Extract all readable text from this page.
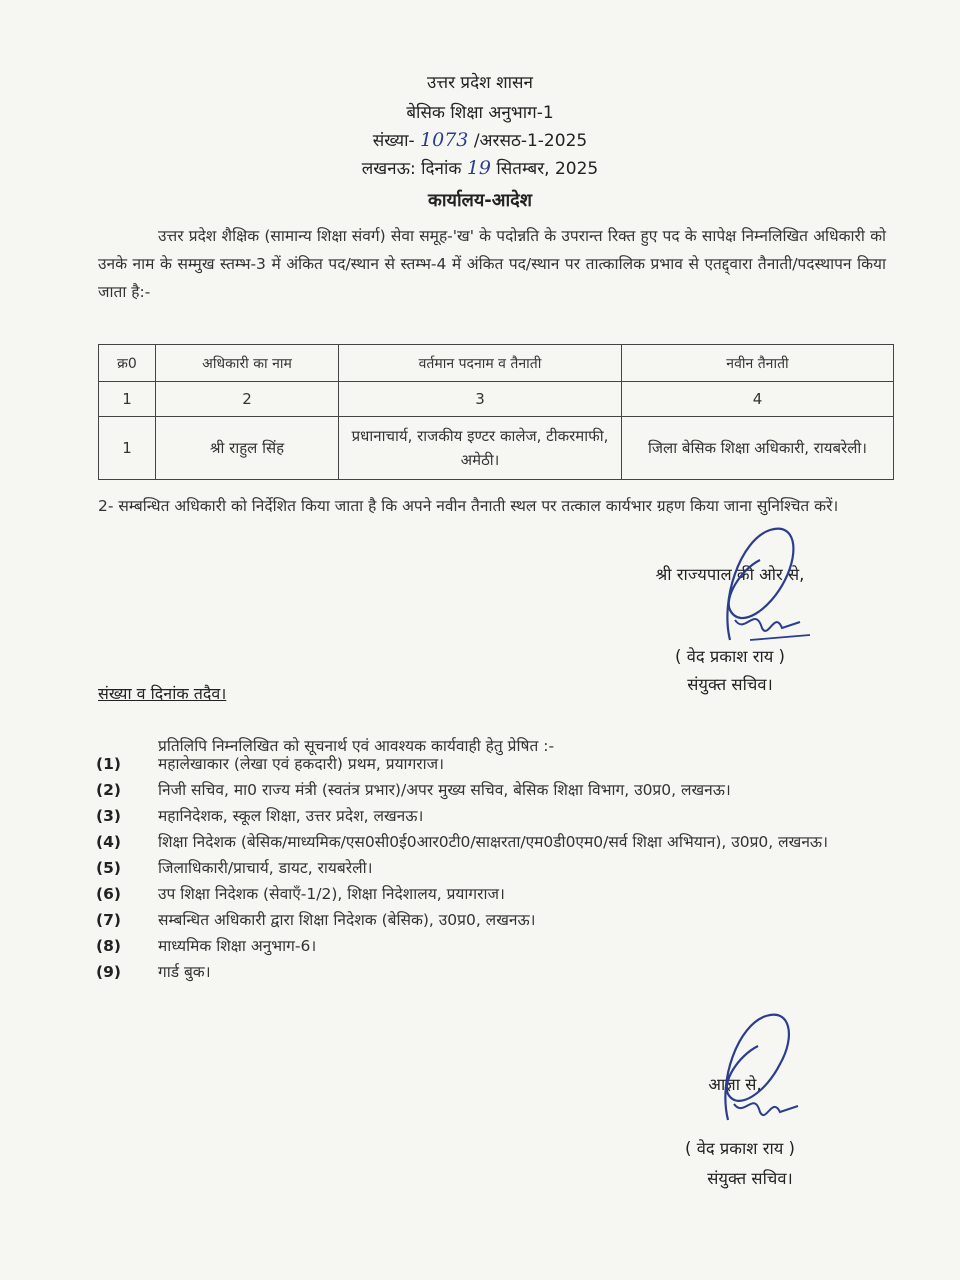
उत्तर प्रदेश शासन
बेसिक शिक्षा अनुभाग-1
संख्या- 1073 /अरसठ-1-2025
लखनऊ: दिनांक 19 सितम्बर, 2025
कार्यालय-आदेश
उत्तर प्रदेश शैक्षिक (सामान्य शिक्षा संवर्ग) सेवा समूह-'ख' के पदोन्नति के उपरान्त रिक्त हुए पद के सापेक्ष निम्नलिखित अधिकारी को उनके नाम के सम्मुख स्तम्भ-3 में अंकित पद/स्थान से स्तम्भ-4 में अंकित पद/स्थान पर तात्कालिक प्रभाव से एतद्द्वारा तैनाती/पदस्थापन किया जाता है:-
क्र0	अधिकारी का नाम	वर्तमान पदनाम व तैनाती	नवीन तैनाती
1	2	3	4
1	श्री राहुल सिंह	प्रधानाचार्य, राजकीय इण्टर कालेज, टीकरमाफी, अमेठी।	जिला बेसिक शिक्षा अधिकारी, रायबरेली।
2- सम्बन्धित अधिकारी को निर्देशित किया जाता है कि अपने नवीन तैनाती स्थल पर तत्काल कार्यभार ग्रहण किया जाना सुनिश्चित करें।
श्री राज्यपाल की ओर से,
( वेद प्रकाश राय )
संयुक्त सचिव।
संख्या व दिनांक तदैव।
प्रतिलिपि निम्नलिखित को सूचनार्थ एवं आवश्यक कार्यवाही हेतु प्रेषित :-
(1)	महालेखाकार (लेखा एवं हकदारी) प्रथम, प्रयागराज।
(2)	निजी सचिव, मा0 राज्य मंत्री (स्वतंत्र प्रभार)/अपर मुख्य सचिव, बेसिक शिक्षा विभाग, उ0प्र0, लखनऊ।
(3)	महानिदेशक, स्कूल शिक्षा, उत्तर प्रदेश, लखनऊ।
(4)	शिक्षा निदेशक (बेसिक/माध्यमिक/एस0सी0ई0आर0टी0/साक्षरता/एम0डी0एम0/सर्व शिक्षा अभियान), उ0प्र0, लखनऊ।
(5)	जिलाधिकारी/प्राचार्य, डायट, रायबरेली।
(6)	उप शिक्षा निदेशक (सेवाएँ-1/2), शिक्षा निदेशालय, प्रयागराज।
(7)	सम्बन्धित अधिकारी द्वारा शिक्षा निदेशक (बेसिक), उ0प्र0, लखनऊ।
(8)	माध्यमिक शिक्षा अनुभाग-6।
(9)	गार्ड बुक।
आज्ञा से,
( वेद प्रकाश राय )
संयुक्त सचिव।
